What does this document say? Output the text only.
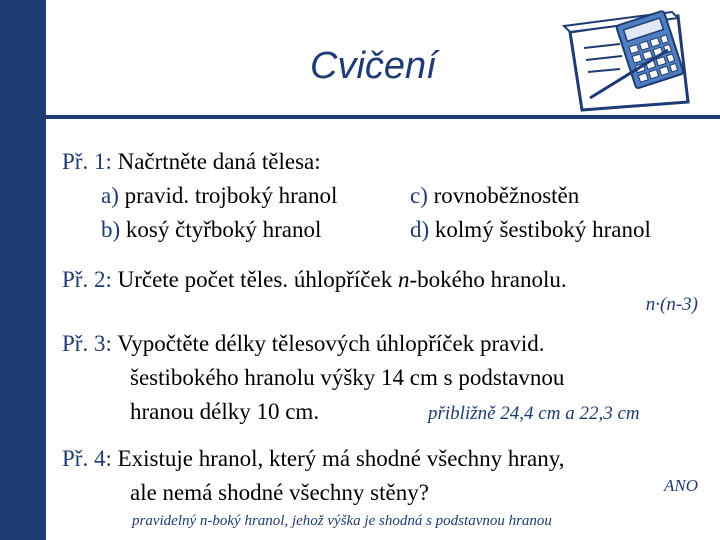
Cvičení
Př. 1: Načrtněte daná tělesa:
a) pravid. trojboký hranol
b) kosý čtyřboký hranol
c) rovnoběžnostěn
d) kolmý šestiboký hranol
Př. 2: Určete počet těles. úhlopříček n-bokého hranolu.
n·(n-3)
Př. 3: Vypočtěte délky tělesových úhlopříček pravid.
šestibokého hranolu výšky 14 cm s podstavnou
hranou délky 10 cm.	přibližně 24,4 cm a 22,3 cm
Př. 4: Existuje hranol, který má shodné všechny hrany,
ale nemá shodné všechny stěny?	ANO
pravidelný n-boký hranol, jehož výška je shodná s podstavnou hranou
